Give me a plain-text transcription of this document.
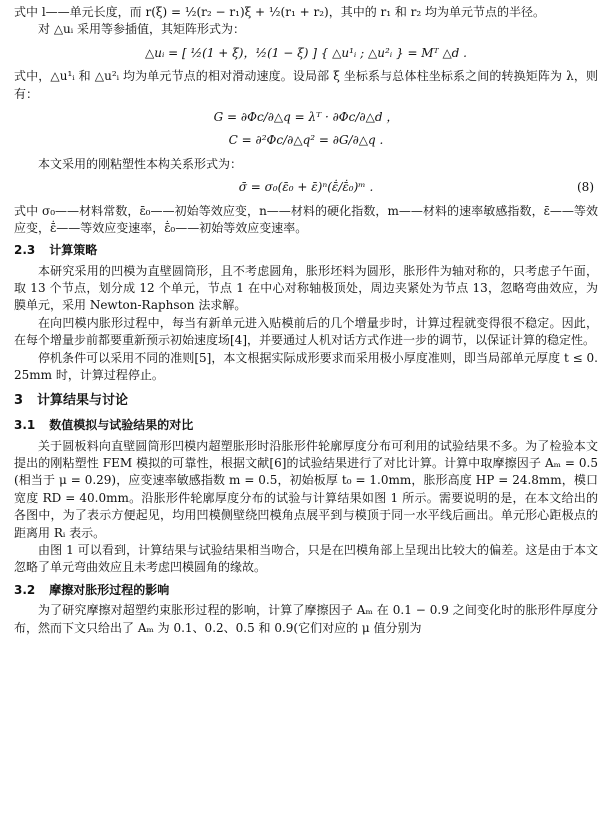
式中 l——单元长度，而 r(ξ) = ½(r₂ − r₁)ξ + ½(r₁ + r₂)，其中的 r₁ 和 r₂ 均为单元节点的半径。

对 △uᵢ 采用等参插值，其矩阵形式为：

△uᵢ = [ ½(1 + ξ)，½(1 − ξ) ] { △u¹ᵢ ; △u²ᵢ } = Mᵀ △d .

式中，△u¹ᵢ 和 △u²ᵢ 均为单元节点的相对滑动速度。设局部 ξ 坐标系与总体柱坐标系之间的转换矩阵为 λ，则有：

G = ∂Φc/∂△q = λᵀ · ∂Φc/∂△d ，
C = ∂²Φc/∂△q² = ∂G/∂△q .

本文采用的刚粘塑性本构关系形式为：

σ̄ = σ₀(ε̄₀ + ε̄)ⁿ(ε̄̇/ε̄̇₀)ᵐ .	(8)

式中 σ₀——材料常数，ε̄₀——初始等效应变，n——材料的硬化指数，m——材料的速率敏感指数，ε̄——等效应变，ε̄̇——等效应变速率，ε̄̇₀——初始等效应变速率。

2.3 计算策略

本研究采用的凹模为直壁圆筒形，且不考虑圆角，胀形坯料为圆形，胀形件为轴对称的，只考虑子午面，取 13 个节点，划分成 12 个单元，节点 1 在中心对称轴极顶处，周边夹紧处为节点 13，忽略弯曲效应，为膜单元，采用 Newton-Raphson 法求解。

在向凹模内胀形过程中，每当有新单元进入贴模前后的几个增量步时，计算过程就变得很不稳定。因此，在每个增量步前都要重新预示初始速度场[4]，并要通过人机对话方式作进一步的调节，以保证计算的稳定性。

停机条件可以采用不同的准则[5]，本文根据实际成形要求而采用极小厚度准则，即当局部单元厚度 t ≤ 0.25mm 时，计算过程停止。

3 计算结果与讨论
3.1 数值模拟与试验结果的对比

关于圆板料向直壁圆筒形凹模内超塑胀形时沿胀形件轮廓厚度分布可利用的试验结果不多。为了检验本文提出的刚粘塑性 FEM 模拟的可靠性，根据文献[6]的试验结果进行了对比计算。计算中取摩擦因子 Aₘ = 0.5(相当于 μ = 0.29)，应变速率敏感指数 m = 0.5，初始板厚 t₀ = 1.0mm，胀形高度 HP = 24.8mm，模口宽度 RD = 40.0mm。沿胀形件轮廓厚度分布的试验与计算结果如图 1 所示。需要说明的是，在本文给出的各图中，为了表示方便起见，均用凹模侧壁绕凹模角点展平到与模顶于同一水平线后画出。单元形心距极点的距离用 Rᵢ 表示。

由图 1 可以看到，计算结果与试验结果相当吻合，只是在凹模角部上呈现出比较大的偏差。这是由于本文忽略了单元弯曲效应且未考虑凹模圆角的缘故。

3.2 摩擦对胀形过程的影响

为了研究摩擦对超塑约束胀形过程的影响，计算了摩擦因子 Aₘ 在 0.1 − 0.9 之间变化时的胀形件厚度分布，然而下文只给出了 Aₘ 为 0.1、0.2、0.5 和 0.9(它们对应的 μ 值分别为
